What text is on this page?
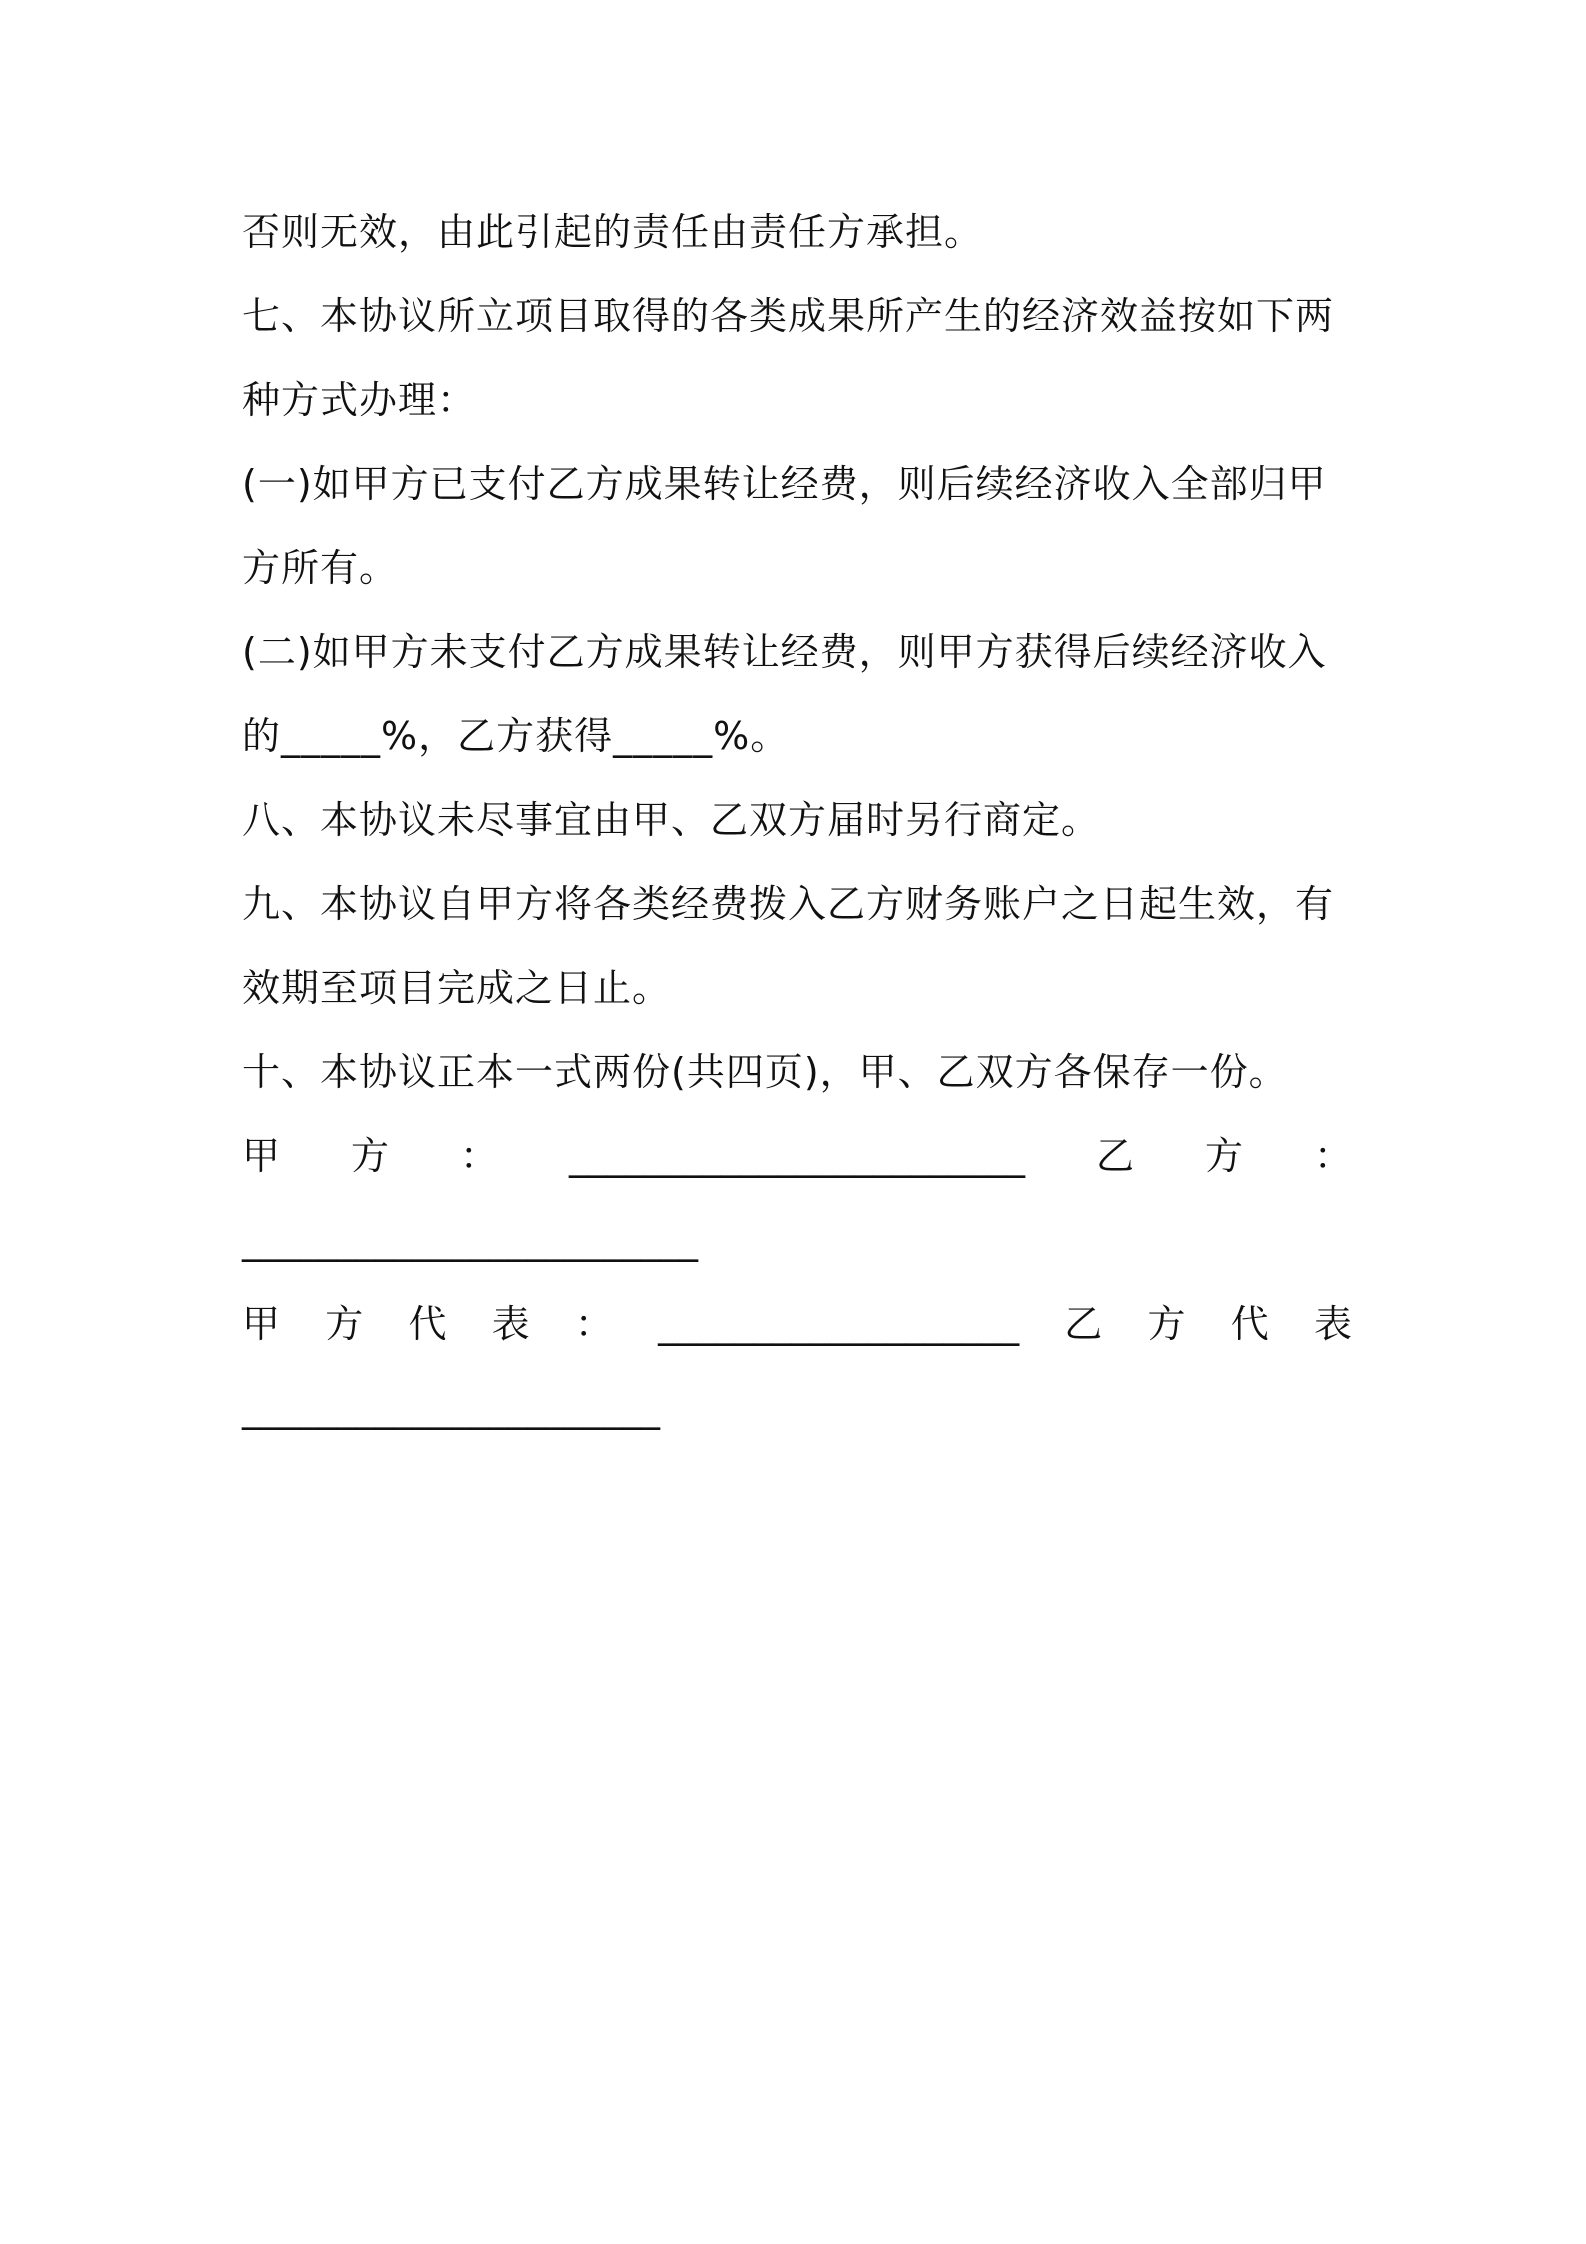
否则无效，由此引起的责任由责任方承担。
七、本协议所立项目取得的各类成果所产生的经济效益按如下两
种方式办理：
(一)如甲方已支付乙方成果转让经费，则后续经济收入全部归甲
方所有。
(二)如甲方未支付乙方成果转让经费，则甲方获得后续经济收入
的_____%，乙方获得_____%。
八、本协议未尽事宜由甲、乙双方届时另行商定。
九、本协议自甲方将各类经费拨入乙方财务账户之日起生效，有
效期至项目完成之日止。
十、本协议正本一式两份(共四页)，甲、乙双方各保存一份。
甲 方 ： ________________________ 乙 方 ：
________________________
甲 方 代 表 ： ___________________ 乙 方 代 表
______________________
